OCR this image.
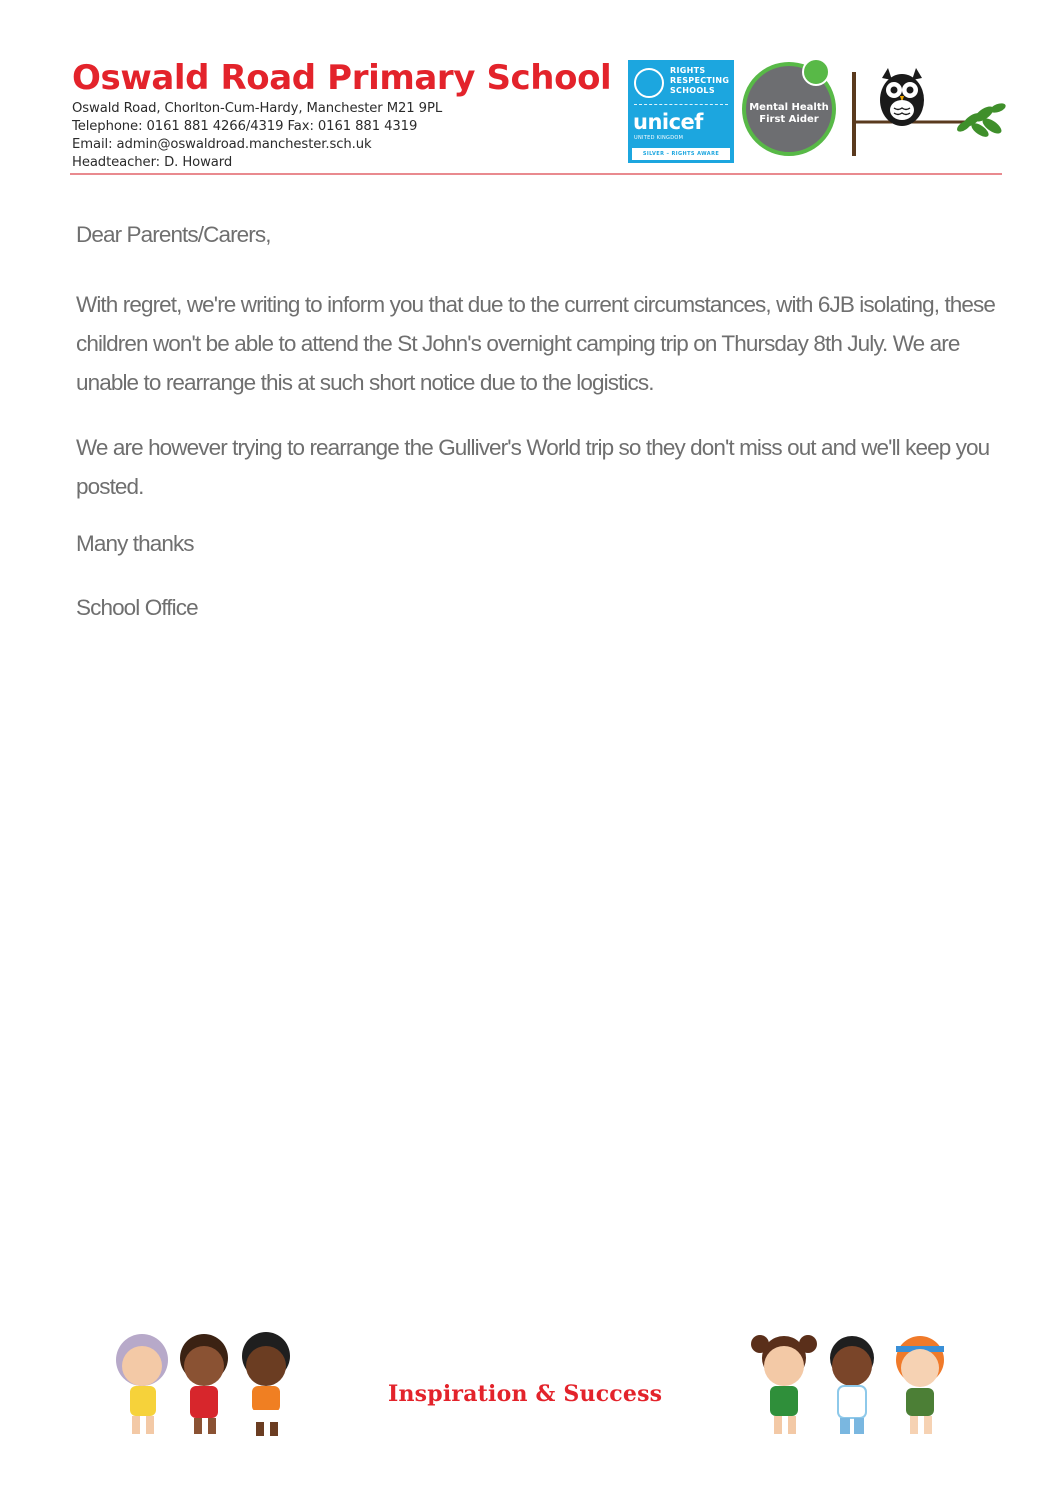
Oswald Road Primary School
Oswald Road, Chorlton-Cum-Hardy, Manchester M21 9PL
Telephone: 0161 881 4266/4319 Fax: 0161 881 4319
Email: admin@oswaldroad.manchester.sch.uk
Headteacher: D. Howard
RIGHTS RESPECTING SCHOOLS
unicef
UNITED KINGDOM
SILVER – RIGHTS AWARE
Mental Health First Aider

Dear Parents/Carers,

With regret, we're writing to inform you that due to the current circumstances, with 6JB isolating, these children won't be able to attend the St John's overnight camping trip on Thursday 8th July. We are unable to rearrange this at such short notice due to the logistics.

We are however trying to rearrange the Gulliver's World trip so they don't miss out and we'll keep you posted.

Many thanks

School Office

Inspiration & Success
